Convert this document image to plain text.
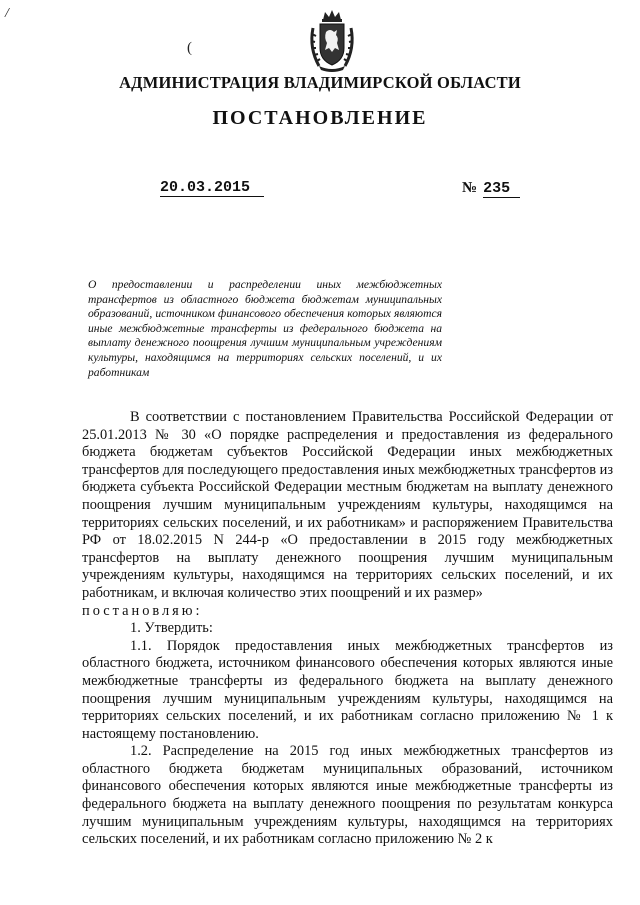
/
(
АДМИНИСТРАЦИЯ ВЛАДИМИРСКОЙ ОБЛАСТИ
ПОСТАНОВЛЕНИЕ
20.03.2015	№ 235
О предоставлении и распределении иных межбюджетных трансфертов из областного бюджета бюджетам муниципальных образований, источником финансового обеспечения которых являются иные межбюджетные трансферты из федерального бюджета на выплату денежного поощрения лучшим муниципальным учреждениям культуры, находящимся на территориях сельских поселений, и их работникам

В соответствии с постановлением Правительства Российской Федерации от 25.01.2013 № 30 «О порядке распределения и предоставления из федерального бюджета бюджетам субъектов Российской Федерации иных межбюджетных трансфертов для последующего предоставления иных межбюджетных трансфертов из бюджета субъекта Российской Федерации местным бюджетам на выплату денежного поощрения лучшим муниципальным учреждениям культуры, находящимся на территориях сельских поселений, и их работникам» и распоряжением Правительства РФ от 18.02.2015 N 244-р «О предоставлении в 2015 году межбюджетных трансфертов на выплату денежного поощрения лучшим муниципальным учреждениям культуры, находящимся на территориях сельских поселений, и их работникам, и включая количество этих поощрений и их размер»

постановляю:

1. Утвердить:

1.1. Порядок предоставления иных межбюджетных трансфертов из областного бюджета, источником финансового обеспечения которых являются иные межбюджетные трансферты из федерального бюджета на выплату денежного поощрения лучшим муниципальным учреждениям культуры, находящимся на территориях сельских поселений, и их работникам согласно приложению № 1 к настоящему постановлению.

1.2. Распределение на 2015 год иных межбюджетных трансфертов из областного бюджета бюджетам муниципальных образований, источником финансового обеспечения которых являются иные межбюджетные трансферты из федерального бюджета на выплату денежного поощрения по результатам конкурса лучшим муниципальным учреждениям культуры, находящимся на территориях сельских поселений, и их работникам согласно приложению № 2 к
